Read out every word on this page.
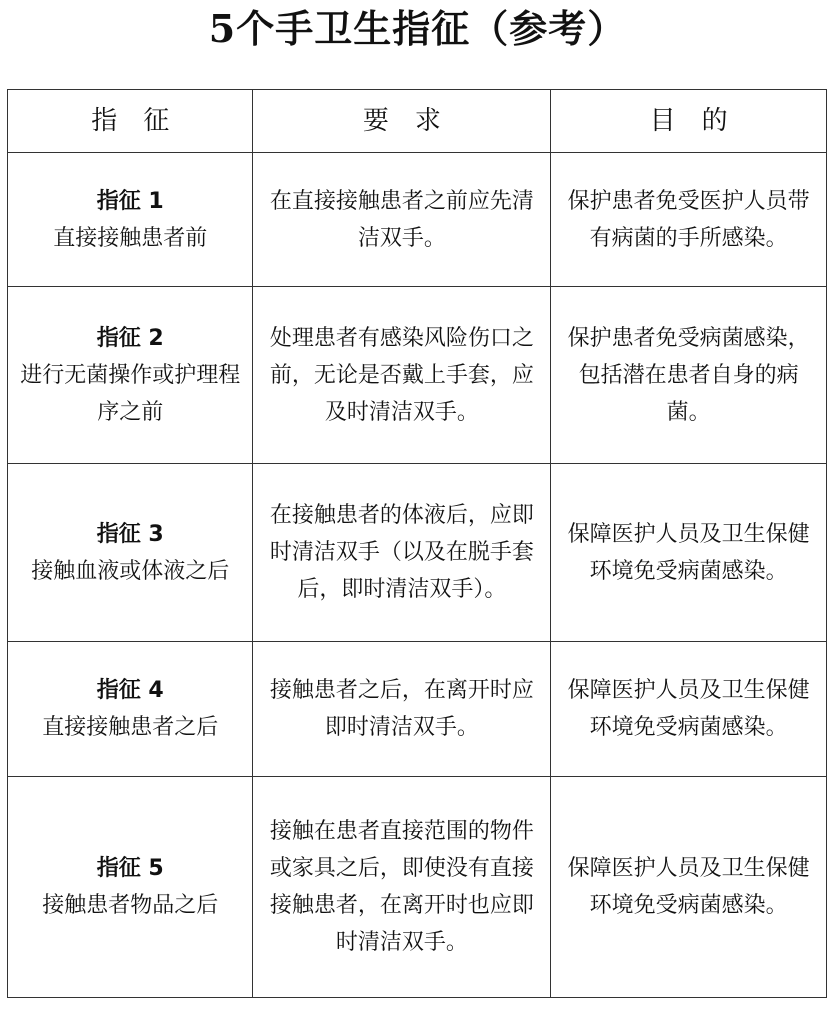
5个手卫生指征（参考）
指　征	要　求	目　的

指征 1
直接接触患者前	在直接接触患者之前应先清洁双手。	保护患者免受医护人员带有病菌的手所感染。

指征 2
进行无菌操作或护理程序之前	处理患者有感染风险伤口之前，无论是否戴上手套，应及时清洁双手。	保护患者免受病菌感染，包括潜在患者自身的病菌。

指征 3
接触血液或体液之后	在接触患者的体液后，应即时清洁双手（以及在脱手套后，即时清洁双手）。	保障医护人员及卫生保健环境免受病菌感染。

指征 4
直接接触患者之后	接触患者之后，在离开时应即时清洁双手。	保障医护人员及卫生保健环境免受病菌感染。

指征 5
接触患者物品之后	接触在患者直接范围的物件或家具之后，即使没有直接接触患者，在离开时也应即时清洁双手。	保障医护人员及卫生保健环境免受病菌感染。
